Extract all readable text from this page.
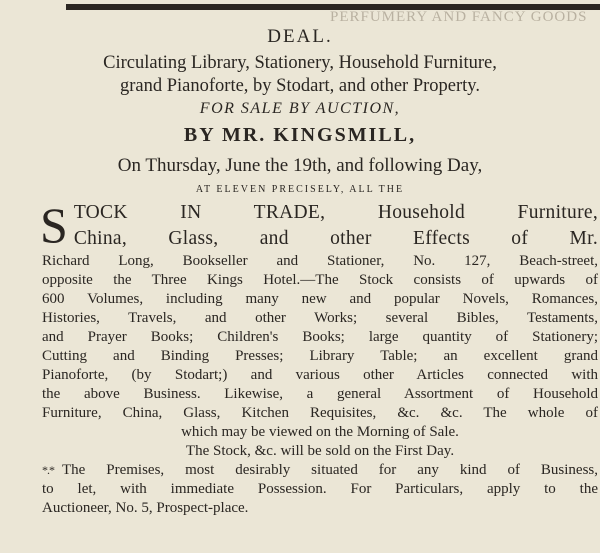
PERFUMERY AND FANCY GOODS
DEAL.
Circulating Library, Stationery, Household Furniture,
grand Pianoforte, by Stodart, and other Property.
FOR SALE BY AUCTION,
BY MR. KINGSMILL,
On Thursday, June the 19th, and following Day,
AT ELEVEN PRECISELY, ALL THE
S TOCK IN TRADE, Household Furniture,
China, Glass, and other Effects of Mr.
Richard Long, Bookseller and Stationer, No. 127, Beach-street,
opposite the Three Kings Hotel.—The Stock consists of upwards of
600 Volumes, including many new and popular Novels, Romances,
Histories, Travels, and other Works; several Bibles, Testaments,
and Prayer Books; Children's Books; large quantity of Stationery;
Cutting and Binding Presses; Library Table; an excellent grand
Pianoforte, (by Stodart;) and various other Articles connected with
the above Business. Likewise, a general Assortment of Household
Furniture, China, Glass, Kitchen Requisites, &c. &c. The whole of
which may be viewed on the Morning of Sale.
The Stock, &c. will be sold on the First Day.
*.* The Premises, most desirably situated for any kind of Business,
to let, with immediate Possession. For Particulars, apply to the
Auctioneer, No. 5, Prospect-place.
